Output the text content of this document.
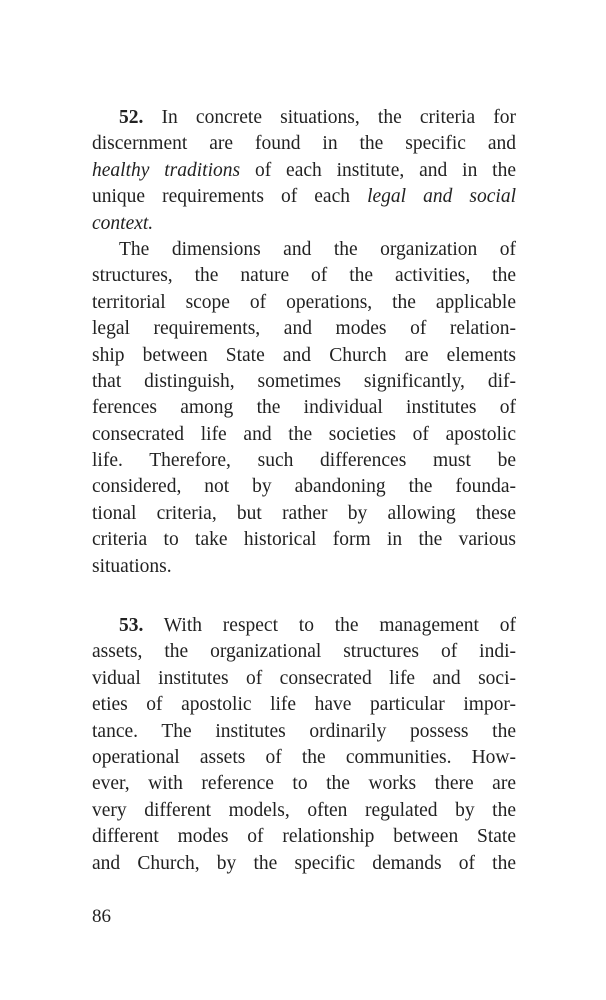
52. In concrete situations, the criteria for
discernment are found in the specific and
healthy traditions of each institute, and in the
unique requirements of each legal and social
context.
The dimensions and the organization of
structures, the nature of the activities, the
territorial scope of operations, the applicable
legal requirements, and modes of relation-
ship between State and Church are elements
that distinguish, sometimes significantly, dif-
ferences among the individual institutes of
consecrated life and the societies of apostolic
life. Therefore, such differences must be
considered, not by abandoning the founda-
tional criteria, but rather by allowing these
criteria to take historical form in the various
situations.
53. With respect to the management of
assets, the organizational structures of indi-
vidual institutes of consecrated life and soci-
eties of apostolic life have particular impor-
tance. The institutes ordinarily possess the
operational assets of the communities. How-
ever, with reference to the works there are
very different models, often regulated by the
different modes of relationship between State
and Church, by the specific demands of the
86
